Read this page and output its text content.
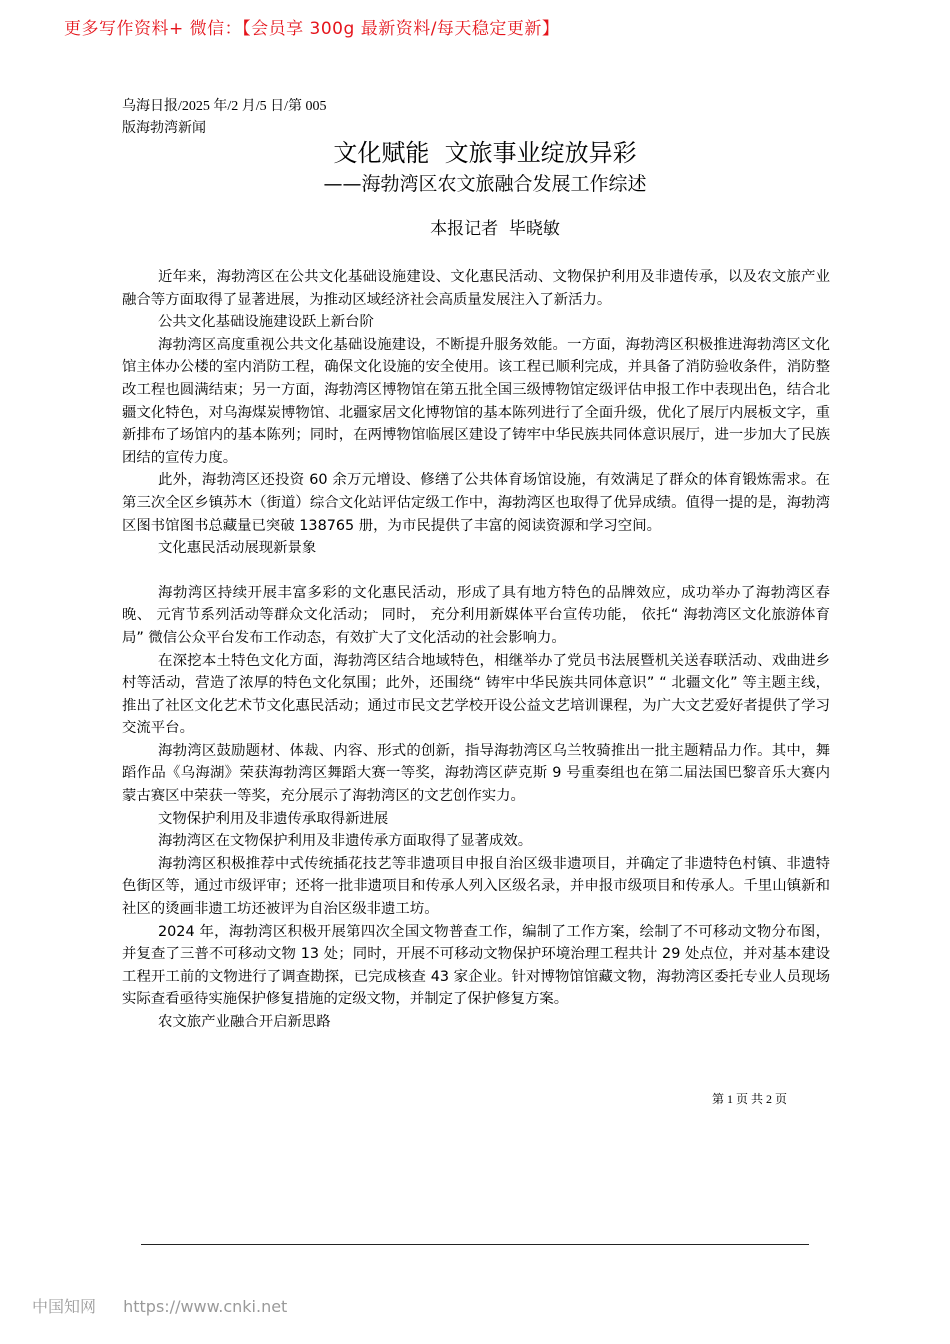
更多写作资料+ 微信：【会员享 300g 最新资料/每天稳定更新】
乌海日报/2025 年/2 月/5 日/第 005
版海勃湾新闻
文化赋能  文旅事业绽放异彩
——海勃湾区农文旅融合发展工作综述
本报记者  毕晓敏

近年来，海勃湾区在公共文化基础设施建设、文化惠民活动、文物保护利用及非遗传承，以及农文旅产业融合等方面取得了显著进展，为推动区域经济社会高质量发展注入了新活力。

公共文化基础设施建设跃上新台阶

海勃湾区高度重视公共文化基础设施建设，不断提升服务效能。一方面，海勃湾区积极推进海勃湾区文化馆主体办公楼的室内消防工程，确保文化设施的安全使用。该工程已顺利完成，并具备了消防验收条件，消防整改工程也圆满结束；另一方面，海勃湾区博物馆在第五批全国三级博物馆定级评估申报工作中表现出色，结合北疆文化特色，对乌海煤炭博物馆、北疆家居文化博物馆的基本陈列进行了全面升级，优化了展厅内展板文字，重新排布了场馆内的基本陈列；同时，在两博物馆临展区建设了铸牢中华民族共同体意识展厅，进一步加大了民族团结的宣传力度。

此外，海勃湾区还投资 60 余万元增设、修缮了公共体育场馆设施，有效满足了群众的体育锻炼需求。在第三次全区乡镇苏木（街道）综合文化站评估定级工作中，海勃湾区也取得了优异成绩。值得一提的是，海勃湾区图书馆图书总藏量已突破 138765 册，为市民提供了丰富的阅读资源和学习空间。

文化惠民活动展现新景象

海勃湾区持续开展丰富多彩的文化惠民活动，形成了具有地方特色的品牌效应，成功举办了海勃湾区春晚、 元宵节系列活动等群众文化活动； 同时， 充分利用新媒体平台宣传功能， 依托“ 海勃湾区文化旅游体育局” 微信公众平台发布工作动态，有效扩大了文化活动的社会影响力。

在深挖本土特色文化方面，海勃湾区结合地域特色，相继举办了党员书法展暨机关送春联活动、戏曲进乡村等活动，营造了浓厚的特色文化氛围；此外，还围绕“ 铸牢中华民族共同体意识” “ 北疆文化” 等主题主线，推出了社区文化艺术节文化惠民活动；通过市民文艺学校开设公益文艺培训课程，为广大文艺爱好者提供了学习交流平台。

海勃湾区鼓励题材、体裁、内容、形式的创新，指导海勃湾区乌兰牧骑推出一批主题精品力作。其中，舞蹈作品《乌海湖》荣获海勃湾区舞蹈大赛一等奖，海勃湾区萨克斯 9 号重奏组也在第二届法国巴黎音乐大赛内蒙古赛区中荣获一等奖，充分展示了海勃湾区的文艺创作实力。

文物保护利用及非遗传承取得新进展

海勃湾区在文物保护利用及非遗传承方面取得了显著成效。

海勃湾区积极推荐中式传统插花技艺等非遗项目申报自治区级非遗项目，并确定了非遗特色村镇、非遗特色街区等，通过市级评审；还将一批非遗项目和传承人列入区级名录，并申报市级项目和传承人。千里山镇新和社区的烫画非遗工坊还被评为自治区级非遗工坊。

2024 年，海勃湾区积极开展第四次全国文物普查工作，编制了工作方案，绘制了不可移动文物分布图，并复查了三普不可移动文物 13 处；同时，开展不可移动文物保护环境治理工程共计 29 处点位，并对基本建设工程开工前的文物进行了调查勘探，已完成核查 43 家企业。针对博物馆馆藏文物，海勃湾区委托专业人员现场实际查看亟待实施保护修复措施的定级文物，并制定了保护修复方案。

农文旅产业融合开启新思路

第 1 页 共 2 页
中国知网 https://www.cnki.net
